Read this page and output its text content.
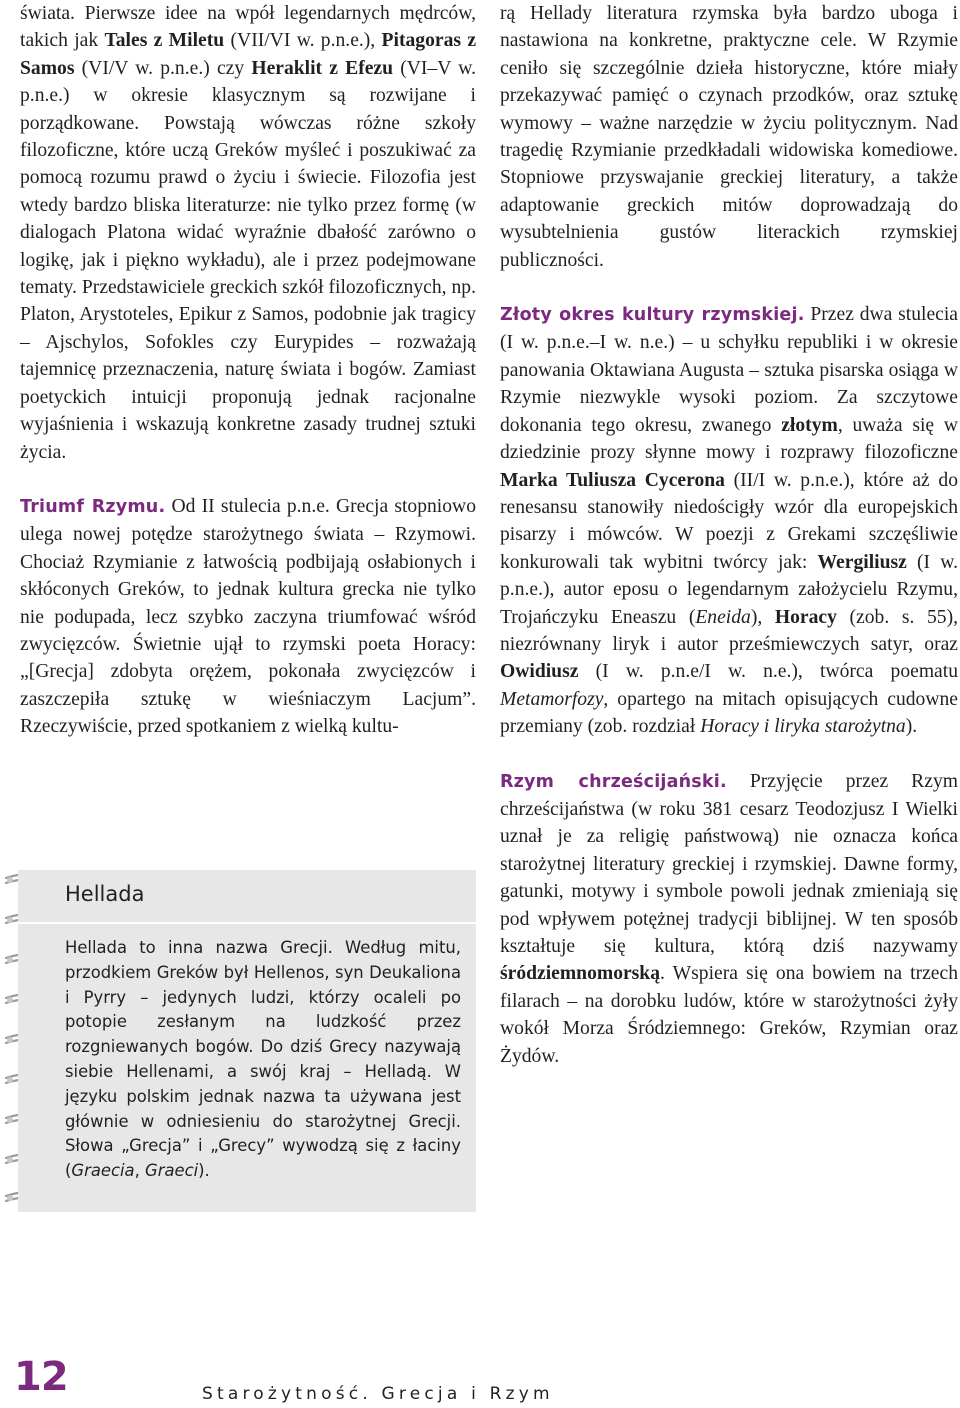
świata. Pierwsze idee na wpół legendarnych mędrców, takich jak Tales z Miletu (VII/VI w. p.n.e.), Pitagoras z Samos (VI/V w. p.n.e.) czy Heraklit z Efezu (VI–V w. p.n.e.) w okresie klasycznym są rozwijane i porządkowane. Powstają wówczas różne szkoły filozoficzne, które uczą Greków myśleć i poszukiwać za pomocą rozumu prawd o życiu i świecie. Filozofia jest wtedy bardzo bliska literaturze: nie tylko przez formę (w dialogach Platona widać wyraźnie dbałość zarówno o logikę, jak i piękno wykładu), ale i przez podejmowane tematy. Przedstawiciele greckich szkół filozoficznych, np. Platon, Arystoteles, Epikur z Samos, podobnie jak tragicy – Ajschylos, Sofokles czy Eurypides – rozważają tajemnicę przeznaczenia, naturę świata i bogów. Zamiast poetyckich intuicji proponują jednak racjonalne wyjaśnienia i wskazują konkretne zasady trudnej sztuki życia.

Triumf Rzymu. Od II stulecia p.n.e. Grecja stopniowo ulega nowej potędze starożytnego świata – Rzymowi. Chociaż Rzymianie z łatwością podbijają osłabionych i skłóconych Greków, to jednak kultura grecka nie tylko nie podupada, lecz szybko zaczyna triumfować wśród zwycięzców. Świetnie ujął to rzymski poeta Horacy: „[Grecja] zdobyta orężem, pokonała zwycięzców i zaszczepiła sztukę w wieśniaczym Lacjum”. Rzeczywiście, przed spotkaniem z wielką kultu-

Hellada
Hellada to inna nazwa Grecji. Według mitu, przodkiem Greków był Hellenos, syn Deukaliona i Pyrry – jedynych ludzi, którzy ocaleli po potopie zesłanym na ludzkość przez rozgniewanych bogów. Do dziś Grecy nazywają siebie Hellenami, a swój kraj – Helladą. W języku polskim jednak nazwa ta używana jest głównie w odniesieniu do starożytnej Grecji. Słowa „Grecja” i „Grecy” wywodzą się z łaciny (Graecia, Graeci).

rą Hellady literatura rzymska była bardzo uboga i nastawiona na konkretne, praktyczne cele. W Rzymie ceniło się szczególnie dzieła historyczne, które miały przekazywać pamięć o czynach przodków, oraz sztukę wymowy – ważne narzędzie w życiu politycznym. Nad tragedię Rzymianie przedkładali widowiska komediowe. Stopniowe przyswajanie greckiej literatury, a także adaptowanie greckich mitów doprowadzają do wysubtelnienia gustów literackich rzymskiej publiczności.

Złoty okres kultury rzymskiej. Przez dwa stulecia (I w. p.n.e.–I w. n.e.) – u schyłku republiki i w okresie panowania Oktawiana Augusta – sztuka pisarska osiąga w Rzymie niezwykle wysoki poziom. Za szczytowe dokonania tego okresu, zwanego złotym, uważa się w dziedzinie prozy słynne mowy i rozprawy filozoficzne Marka Tuliusza Cycerona (II/I w. p.n.e.), które aż do renesansu stanowiły niedościgły wzór dla europejskich pisarzy i mówców. W poezji z Grekami szczęśliwie konkurowali tak wybitni twórcy jak: Wergiliusz (I w. p.n.e.), autor eposu o legendarnym założycielu Rzymu, Trojańczyku Eneaszu (Eneida), Horacy (zob. s. 55), niezrównany liryk i autor prześmiewczych satyr, oraz Owidiusz (I w. p.n.e/I w. n.e.), twórca poematu Metamorfozy, opartego na mitach opisujących cudowne przemiany (zob. rozdział Horacy i liryka starożytna).

Rzym chrześcijański. Przyjęcie przez Rzym chrześcijaństwa (w roku 381 cesarz Teodozjusz I Wielki uznał je za religię państwową) nie oznacza końca starożytnej literatury greckiej i rzymskiej. Dawne formy, gatunki, motywy i symbole powoli jednak zmieniają się pod wpływem potężnej tradycji biblijnej. W ten sposób kształtuje się kultura, którą dziś nazywamy śródziemnomorską. Wspiera się ona bowiem na trzech filarach – na dorobku ludów, które w starożytności żyły wokół Morza Śródziemnego: Greków, Rzymian oraz Żydów.

12	Starożytność. Grecja i Rzym
